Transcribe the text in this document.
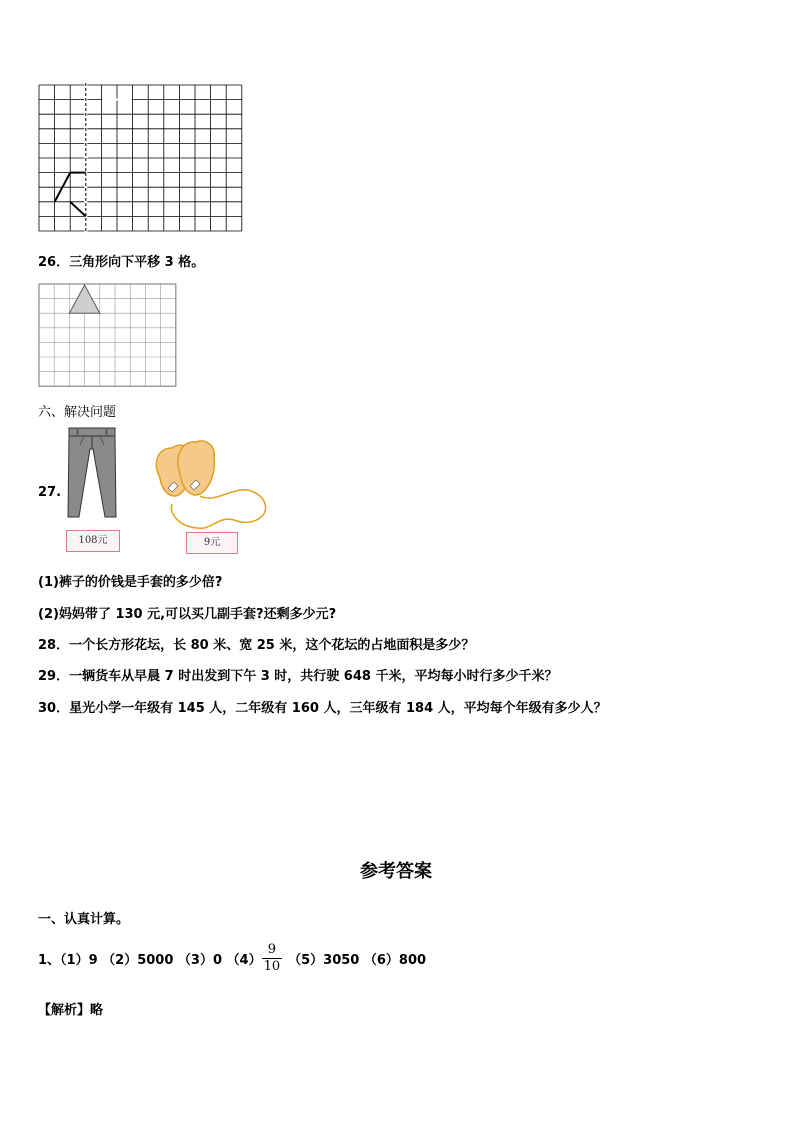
26．三角形向下平移 3 格。
六、解决问题
27.
108元	9元
(1)裤子的价钱是手套的多少倍?
(2)妈妈带了 130 元,可以买几副手套?还剩多少元?
28．一个长方形花坛，长 80 米、宽 25 米，这个花坛的占地面积是多少？
29．一辆货车从早晨 7 时出发到下午 3 时，共行驶 648 千米，平均每小时行多少千米？
30．星光小学一年级有 145 人，二年级有 160 人，三年级有 184 人，平均每个年级有多少人？
参考答案
一、认真计算。
1、（1）9 （2）5000 （3）0 $(4) \frac{9}{10} (5)3050$ （6）800
【解析】略
